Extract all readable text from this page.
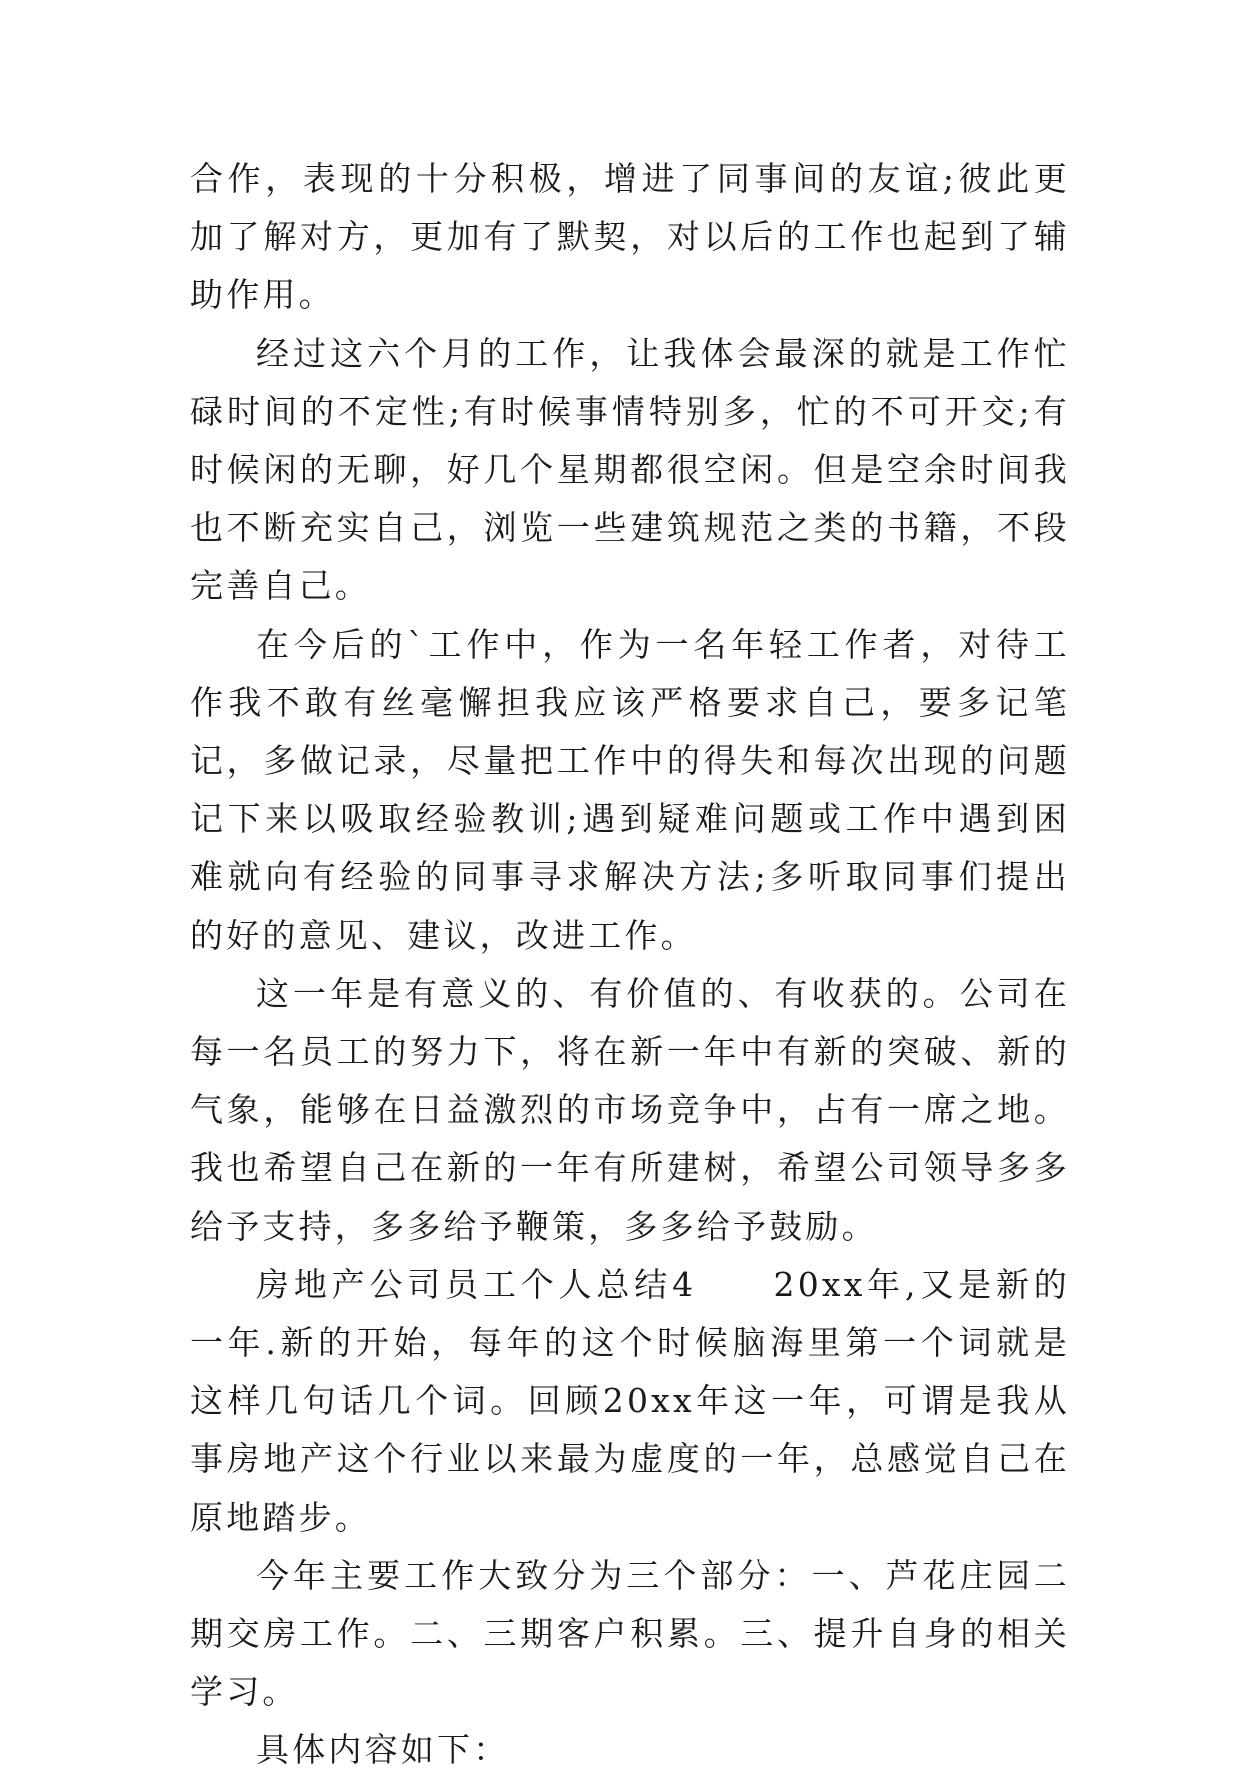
合作，表现的十分积极，增进了同事间的友谊;彼此更加了解对方，更加有了默契，对以后的工作也起到了辅助作用。

经过这六个月的工作，让我体会最深的就是工作忙碌时间的不定性;有时候事情特别多，忙的不可开交;有时候闲的无聊，好几个星期都很空闲。但是空余时间我也不断充实自己，浏览一些建筑规范之类的书籍，不段完善自己。

在今后的`工作中，作为一名年轻工作者，对待工作我不敢有丝毫懈担我应该严格要求自己，要多记笔记，多做记录，尽量把工作中的得失和每次出现的问题记下来以吸取经验教训;遇到疑难问题或工作中遇到困难就向有经验的同事寻求解决方法;多听取同事们提出的好的意见、建议，改进工作。

这一年是有意义的、有价值的、有收获的。公司在每一名员工的努力下，将在新一年中有新的突破、新的气象，能够在日益激烈的市场竞争中，占有一席之地。我也希望自己在新的一年有所建树，希望公司领导多多给予支持，多多给予鞭策，多多给予鼓励。

房地产公司员工个人总结4　　20xx年,又是新的一年.新的开始，每年的这个时候脑海里第一个词就是这样几句话几个词。回顾20xx年这一年，可谓是我从事房地产这个行业以来最为虚度的一年，总感觉自己在原地踏步。

今年主要工作大致分为三个部分：一、芦花庄园二期交房工作。二、三期客户积累。三、提升自身的相关学习。

具体内容如下：
